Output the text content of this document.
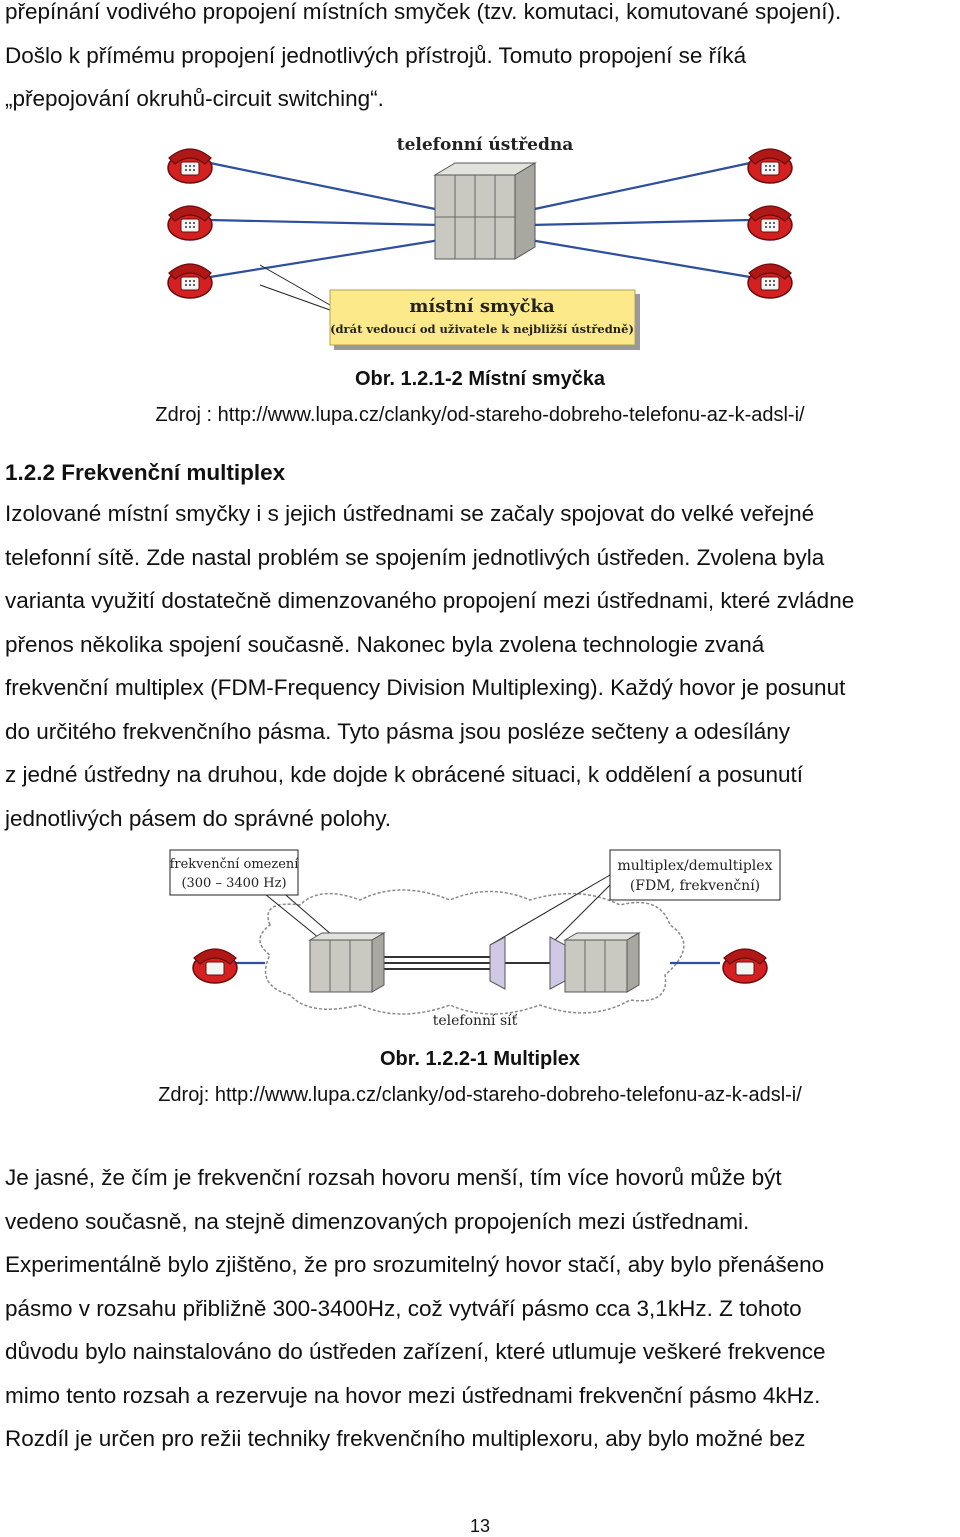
přepínání vodivého propojení místních smyček (tzv. komutaci, komutované spojení).
Došlo k přímému propojení jednotlivých přístrojů. Tomuto propojení se říká
„přepojování okruhů-circuit switching“.
telefonní ústředna
místní smyčka
(drát vedoucí od uživatele k nejbližší ústředně)
Obr. 1.2.1-2 Místní smyčka
Zdroj : http://www.lupa.cz/clanky/od-stareho-dobreho-telefonu-az-k-adsl-i/
1.2.2 Frekvenční multiplex
Izolované místní smyčky i s jejich ústřednami se začaly spojovat do velké veřejné
telefonní sítě. Zde nastal problém se spojením jednotlivých ústředen. Zvolena byla
varianta využití dostatečně dimenzovaného propojení mezi ústřednami, které zvládne
přenos několika spojení současně. Nakonec byla zvolena technologie zvaná
frekvenční multiplex (FDM-Frequency Division Multiplexing). Každý hovor je posunut
do určitého frekvenčního pásma. Tyto pásma jsou posléze sečteny a odesílány
z jedné ústředny na druhou, kde dojde k obrácené situaci, k oddělení a posunutí
jednotlivých pásem do správné polohy.
frekvenční omezení
(300 – 3400 Hz)
multiplex/demultiplex
(FDM, frekvenční)
telefonní síť
Obr. 1.2.2-1 Multiplex
Zdroj: http://www.lupa.cz/clanky/od-stareho-dobreho-telefonu-az-k-adsl-i/
Je jasné, že čím je frekvenční rozsah hovoru menší, tím více hovorů může být
vedeno současně, na stejně dimenzovaných propojeních mezi ústřednami.
Experimentálně bylo zjištěno, že pro srozumitelný hovor stačí, aby bylo přenášeno
pásmo v rozsahu přibližně 300-3400Hz, což vytváří pásmo cca 3,1kHz. Z tohoto
důvodu bylo nainstalováno do ústředen zařízení, které utlumuje veškeré frekvence
mimo tento rozsah a rezervuje na hovor mezi ústřednami frekvenční pásmo 4kHz.
Rozdíl je určen pro režii techniky frekvenčního multiplexoru, aby bylo možné bez
13
